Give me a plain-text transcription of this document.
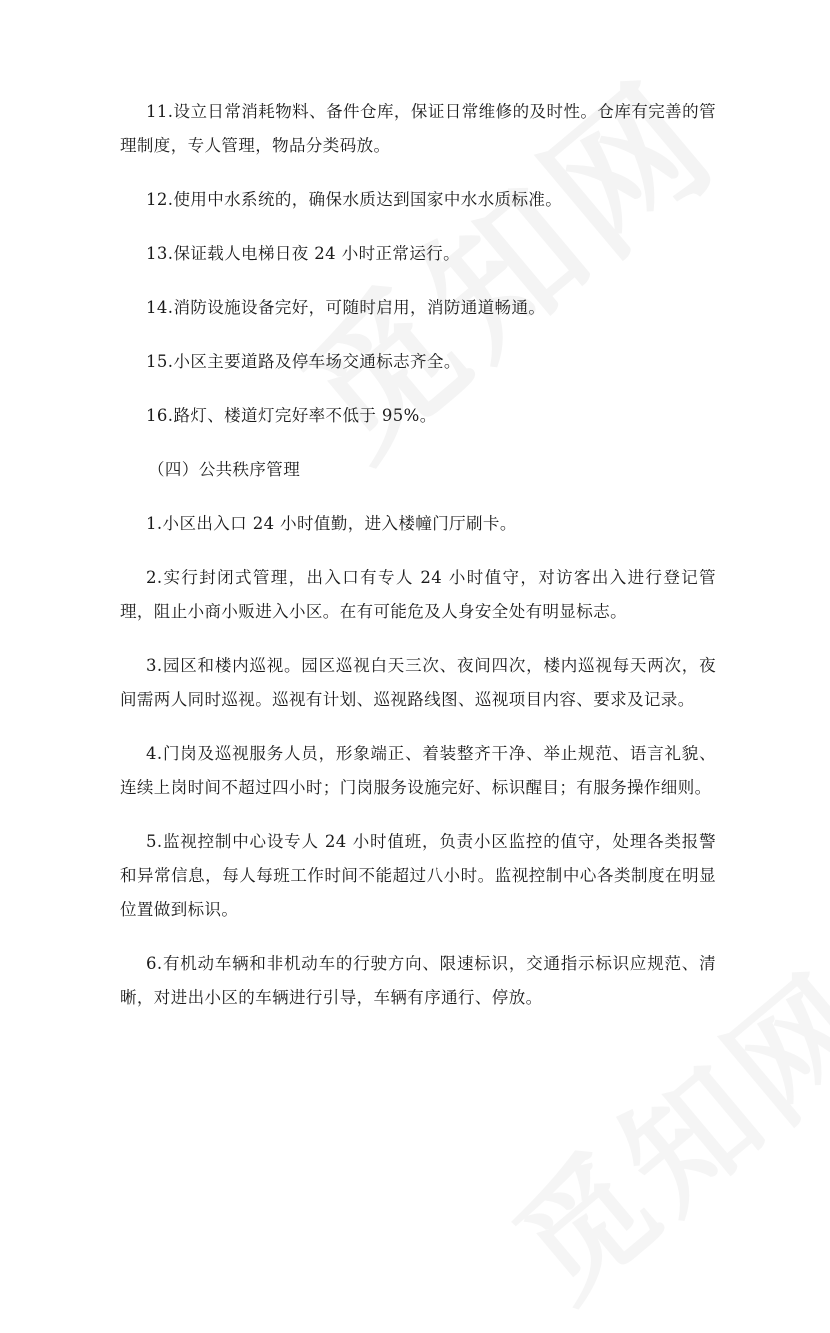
11.设立日常消耗物料、备件仓库，保证日常维修的及时性。仓库有完善的管理制度，专人管理，物品分类码放。

12.使用中水系统的，确保水质达到国家中水水质标准。

13.保证载人电梯日夜 24 小时正常运行。

14.消防设施设备完好，可随时启用，消防通道畅通。

15.小区主要道路及停车场交通标志齐全。

16.路灯、楼道灯完好率不低于 95%。

（四）公共秩序管理

1.小区出入口 24 小时值勤，进入楼幢门厅刷卡。

2.实行封闭式管理，出入口有专人 24 小时值守，对访客出入进行登记管理，阻止小商小贩进入小区。在有可能危及人身安全处有明显标志。

3.园区和楼内巡视。园区巡视白天三次、夜间四次，楼内巡视每天两次，夜间需两人同时巡视。巡视有计划、巡视路线图、巡视项目内容、要求及记录。

4.门岗及巡视服务人员，形象端正、着装整齐干净、举止规范、语言礼貌、连续上岗时间不超过四小时；门岗服务设施完好、标识醒目；有服务操作细则。

5.监视控制中心设专人 24 小时值班，负责小区监控的值守，处理各类报警和异常信息，每人每班工作时间不能超过八小时。监视控制中心各类制度在明显位置做到标识。

6.有机动车辆和非机动车的行驶方向、限速标识，交通指示标识应规范、清晰，对进出小区的车辆进行引导，车辆有序通行、停放。
